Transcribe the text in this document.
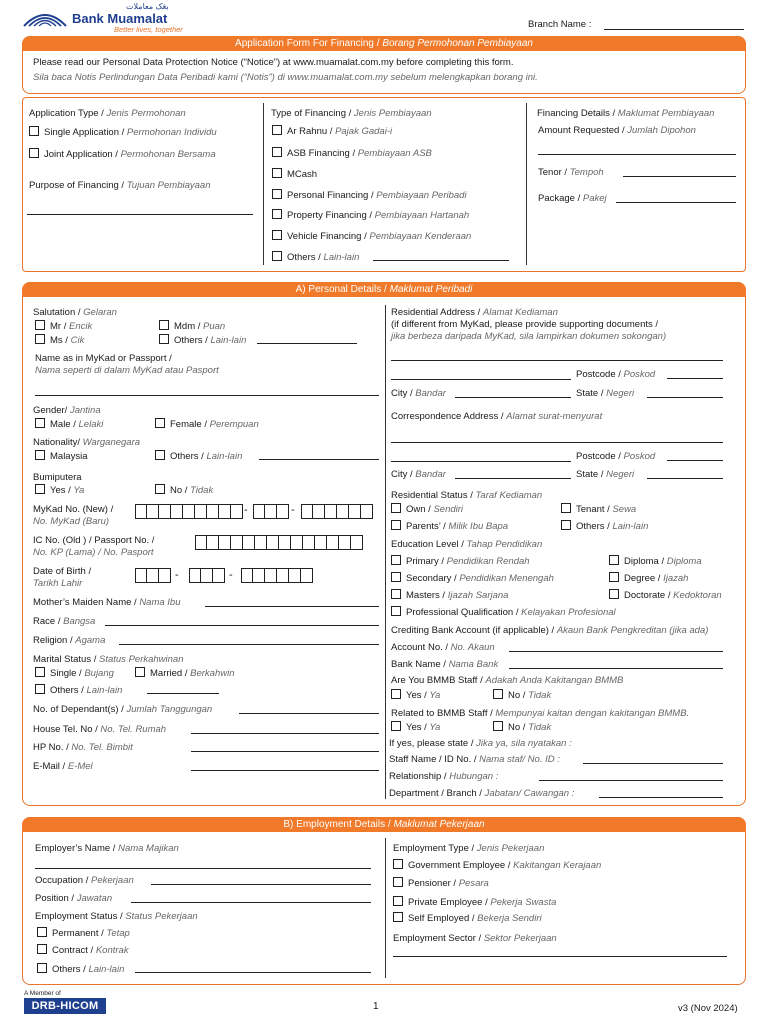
بڠک معاملات
Bank Muamalat
Better lives, together	Branch Name :
Application Form For Financing / Borang Permohonan Pembiayaan
Please read our Personal Data Protection Notice (“Notice”) at www.muamalat.com.my before completing this form.
Sila baca Notis Perlindungan Data Peribadi kami (“Notis”) di www.muamalat.com.my sebelum melengkapkan borang ini.
Application Type / Jenis Permohonan
Single Application / Permohonan Individu
Joint Application / Permohonan Bersama
Purpose of Financing / Tujuan Pembiayaan
Type of Financing / Jenis Pembiayaan
Ar Rahnu / Pajak Gadai-i
ASB Financing / Pembiayaan ASB
MCash
Personal Financing / Pembiayaan Peribadi
Property Financing / Pembiayaan Hartanah
Vehicle Financing / Pembiayaan Kenderaan
Others / Lain-lain
Financing Details / Maklumat Pembiayaan
Amount Requested / Jumlah Dipohon
Tenor / Tempoh
Package / Pakej
A) Personal Details / Maklumat Peribadi
Salutation / Gelaran
Mr / Encik	Mdm / Puan
Ms / Cik	Others / Lain-lain
Name as in MyKad or Passport /
Nama seperti di dalam MyKad atau Pasport
Gender/ Jantina
Male / Lelaki	Female / Perempuan
Nationality/ Warganegara
Malaysia	Others / Lain-lain
Bumiputera
Yes / Ya	No / Tidak
MyKad No. (New) /
No. MyKad (Baru)
-	-
IC No. (Old ) / Passport No. /
No. KP (Lama) / No. Pasport
Date of Birth /
Tarikh Lahir
-	-
Mother’s Maiden Name / Nama Ibu
Race / Bangsa
Religion / Agama
Marital Status / Status Perkahwinan
Single / Bujang	Married / Berkahwin
Others / Lain-lain
No. of Dependant(s) / Jumlah Tanggungan
House Tel. No / No. Tel. Rumah
HP No. / No. Tel. Bimbit
E-Mail / E-Mel
Residential Address / Alamat Kediaman
(if different from MyKad, please provide supporting documents /
jika berbeza daripada MyKad, sila lampirkan dokumen sokongan)
Postcode / Poskod
City / Bandar	State / Negeri
Correspondence Address / Alamat surat-menyurat
Postcode / Poskod
City / Bandar	State / Negeri
Residential Status / Taraf Kediaman
Own / Sendiri	Tenant / Sewa
Parents’ / Milik Ibu Bapa	Others / Lain-lain
Education Level / Tahap Pendidikan
Primary / Pendidikan Rendah	Diploma / Diploma
Secondary / Pendidikan Menengah	Degree / Ijazah
Masters / Ijazah Sarjana	Doctorate / Kedoktoran
Professional Qualification / Kelayakan Profesional
Crediting Bank Account (if applicable) / Akaun Bank Pengkreditan (jika ada)
Account No. / No. Akaun
Bank Name / Nama Bank
Are You BMMB Staff / Adakah Anda Kakitangan BMMB
Yes / Ya	No / Tidak
Related to BMMB Staff / Mempunyai kaitan dengan kakitangan BMMB.
Yes / Ya	No / Tidak
If yes, please state / Jika ya, sila nyatakan :
Staff Name / ID No. / Nama staf/ No. ID :
Relationship / Hubungan :
Department / Branch / Jabatan/ Cawangan :
B) Employment Details / Maklumat Pekerjaan
Employer’s Name / Nama Majikan
Occupation / Pekerjaan
Position / Jawatan
Employment Status / Status Pekerjaan
Permanent / Tetap
Contract / Kontrak
Others / Lain-lain
Employment Type / Jenis Pekerjaan
Government Employee / Kakitangan Kerajaan
Pensioner / Pesara
Private Employee / Pekerja Swasta
Self Employed / Bekerja Sendiri
Employment Sector / Sektor Pekerjaan
A Member of
DRB-HICOM	1	v3 (Nov 2024)
